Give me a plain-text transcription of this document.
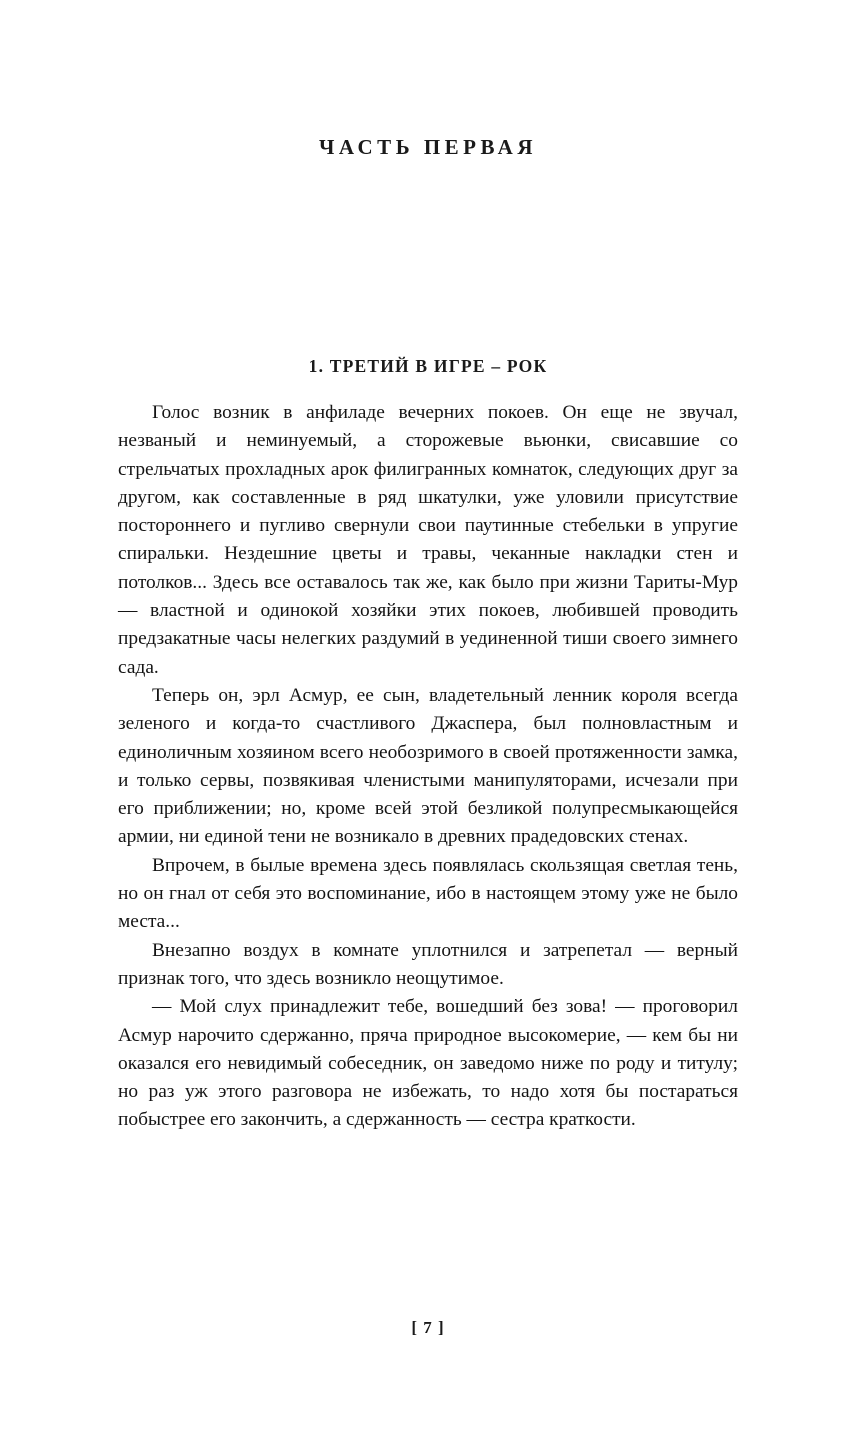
ЧАСТЬ ПЕРВАЯ
1. ТРЕТИЙ В ИГРЕ – РОК

Голос возник в анфиладе вечерних покоев. Он еще не звучал, незваный и неминуемый, а сторожевые вьюнки, свисавшие со стрельчатых прохладных арок филигранных комнаток, следующих друг за другом, как составленные в ряд шкатулки, уже уловили присутствие постороннего и пугливо свернули свои паутинные стебельки в упругие спиральки. Нездешние цветы и травы, чеканные накладки стен и потолков... Здесь все оставалось так же, как было при жизни Тариты-Мур — властной и одинокой хозяйки этих покоев, любившей проводить предзакатные часы нелегких раздумий в уединенной тиши своего зимнего сада.

Теперь он, эрл Асмур, ее сын, владетельный ленник короля всегда зеленого и когда-то счастливого Джаспера, был полновластным и единоличным хозяином всего необозримого в своей протяженности замка, и только сервы, позвякивая членистыми манипуляторами, исчезали при его приближении; но, кроме всей этой безликой полупресмыкающейся армии, ни единой тени не возникало в древних прадедовских стенах.

Впрочем, в былые времена здесь появлялась скользящая светлая тень, но он гнал от себя это воспоминание, ибо в настоящем этому уже не было места...

Внезапно воздух в комнате уплотнился и затрепетал — верный признак того, что здесь возникло неощутимое.

— Мой слух принадлежит тебе, вошедший без зова! — проговорил Асмур нарочито сдержанно, пряча природное высокомерие, — кем бы ни оказался его невидимый собеседник, он заведомо ниже по роду и титулу; но раз уж этого разговора не избежать, то надо хотя бы постараться побыстрее его закончить, а сдержанность — сестра краткости.

[ 7 ]
